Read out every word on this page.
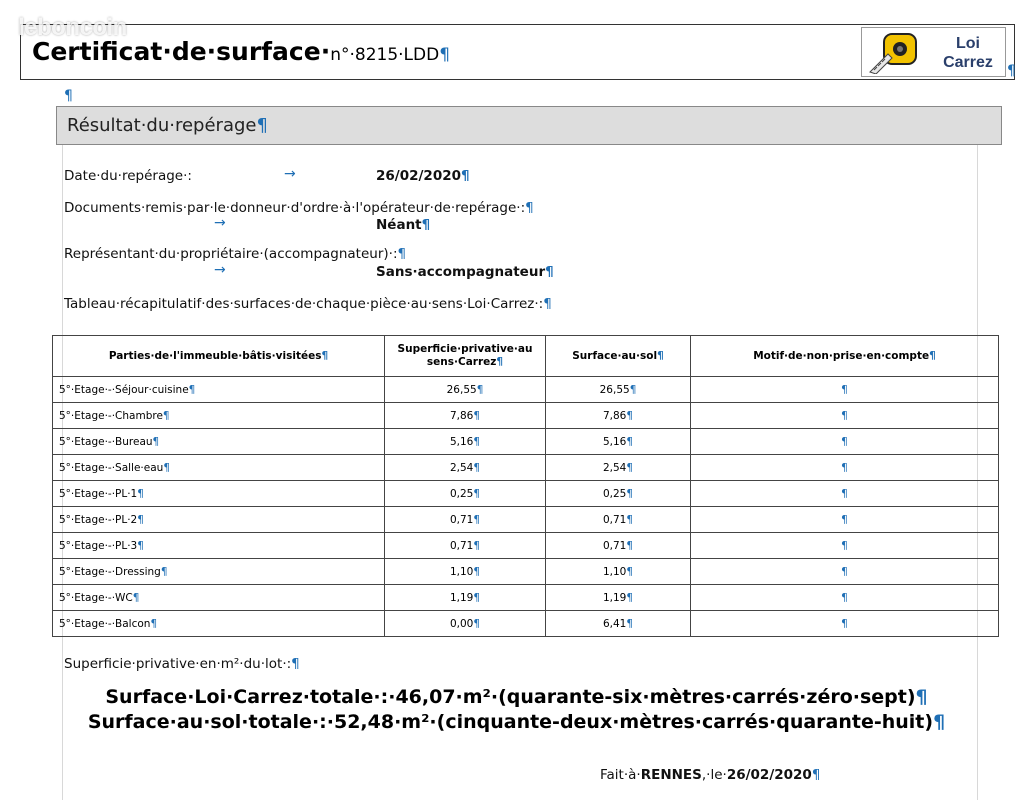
leboncoin
Certificat·de·surface·n°·8215·LDD¶
Loi
Carrez	¶
¶
Résultat·du·repérage¶
Date·du·repérage·:	→	26/02/2020¶
Documents·remis·par·le·donneur·d'ordre·à·l'opérateur·de·repérage·:¶
→	Néant¶
Représentant·du·propriétaire·(accompagnateur)·:¶
→	Sans·accompagnateur¶
Tableau·récapitulatif·des·surfaces·de·chaque·pièce·au·sens·Loi·Carrez·:¶
Parties·de·l'immeuble·bâtis·visitées¶	Superficie·privative·au sens·Carrez¶	Surface·au·sol¶	Motif·de·non·prise·en·compte¶
5°·Etage·-·Séjour·cuisine¶	26,55¶	26,55¶	¶
5°·Etage·-·Chambre¶	7,86¶	7,86¶	¶
5°·Etage·-·Bureau¶	5,16¶	5,16¶	¶
5°·Etage·-·Salle·eau¶	2,54¶	2,54¶	¶
5°·Etage·-·PL·1¶	0,25¶	0,25¶	¶
5°·Etage·-·PL·2¶	0,71¶	0,71¶	¶
5°·Etage·-·PL·3¶	0,71¶	0,71¶	¶
5°·Etage·-·Dressing¶	1,10¶	1,10¶	¶
5°·Etage·-·WC¶	1,19¶	1,19¶	¶
5°·Etage·-·Balcon¶	0,00¶	6,41¶	¶
Superficie·privative·en·m²·du·lot·:¶
Surface·Loi·Carrez·totale·:·46,07·m²·(quarante-six·mètres·carrés·zéro·sept)¶
Surface·au·sol·totale·:·52,48·m²·(cinquante-deux·mètres·carrés·quarante-huit)¶
Fait·à·RENNES,·le·26/02/2020¶
